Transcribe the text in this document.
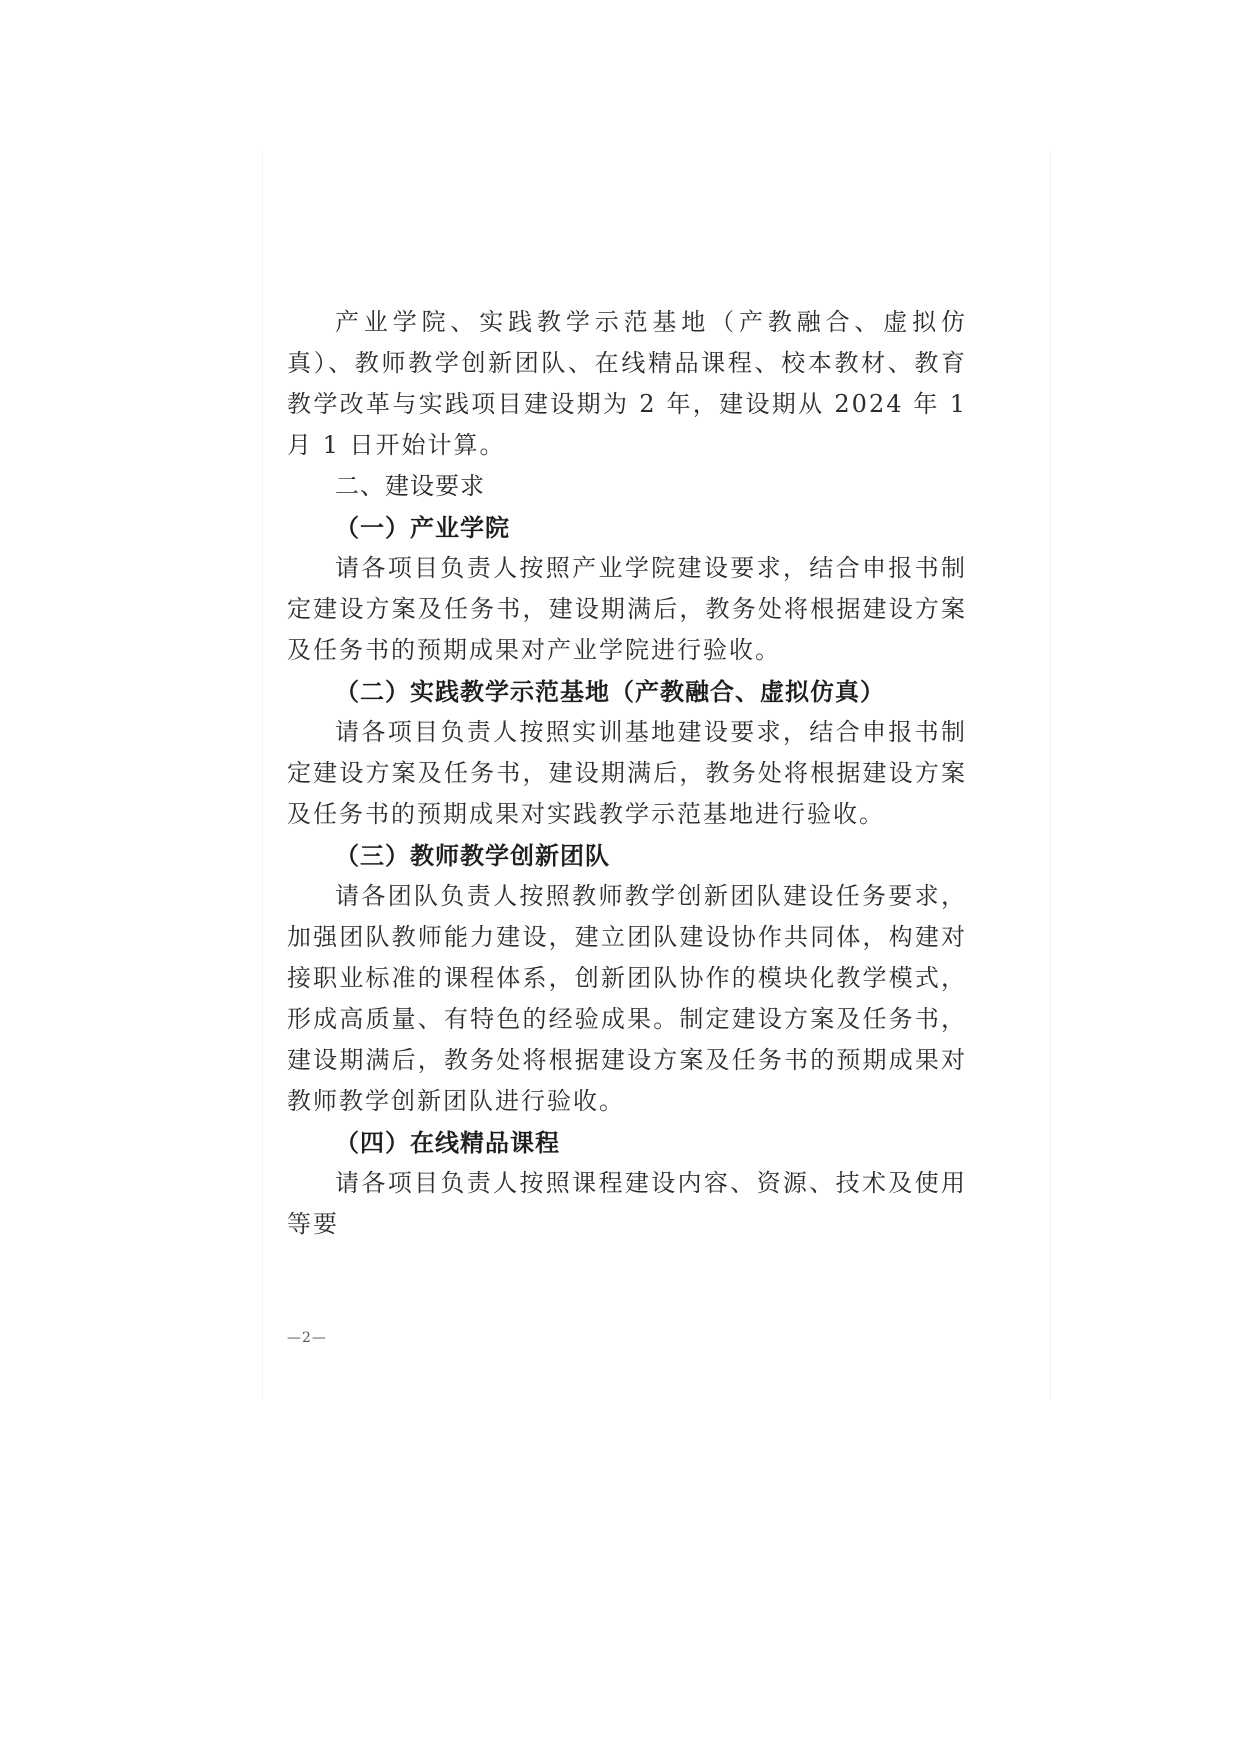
产业学院、实践教学示范基地（产教融合、虚拟仿真）、教师教学创新团队、在线精品课程、校本教材、教育教学改革与实践项目建设期为 2 年，建设期从 2024 年 1 月 1 日开始计算。

二、建设要求

（一）产业学院

请各项目负责人按照产业学院建设要求，结合申报书制定建设方案及任务书，建设期满后，教务处将根据建设方案及任务书的预期成果对产业学院进行验收。

（二）实践教学示范基地（产教融合、虚拟仿真）

请各项目负责人按照实训基地建设要求，结合申报书制定建设方案及任务书，建设期满后，教务处将根据建设方案及任务书的预期成果对实践教学示范基地进行验收。

（三）教师教学创新团队

请各团队负责人按照教师教学创新团队建设任务要求，加强团队教师能力建设，建立团队建设协作共同体，构建对接职业标准的课程体系，创新团队协作的模块化教学模式，形成高质量、有特色的经验成果。制定建设方案及任务书，建设期满后，教务处将根据建设方案及任务书的预期成果对教师教学创新团队进行验收。

（四）在线精品课程

请各项目负责人按照课程建设内容、资源、技术及使用等要

—2—
